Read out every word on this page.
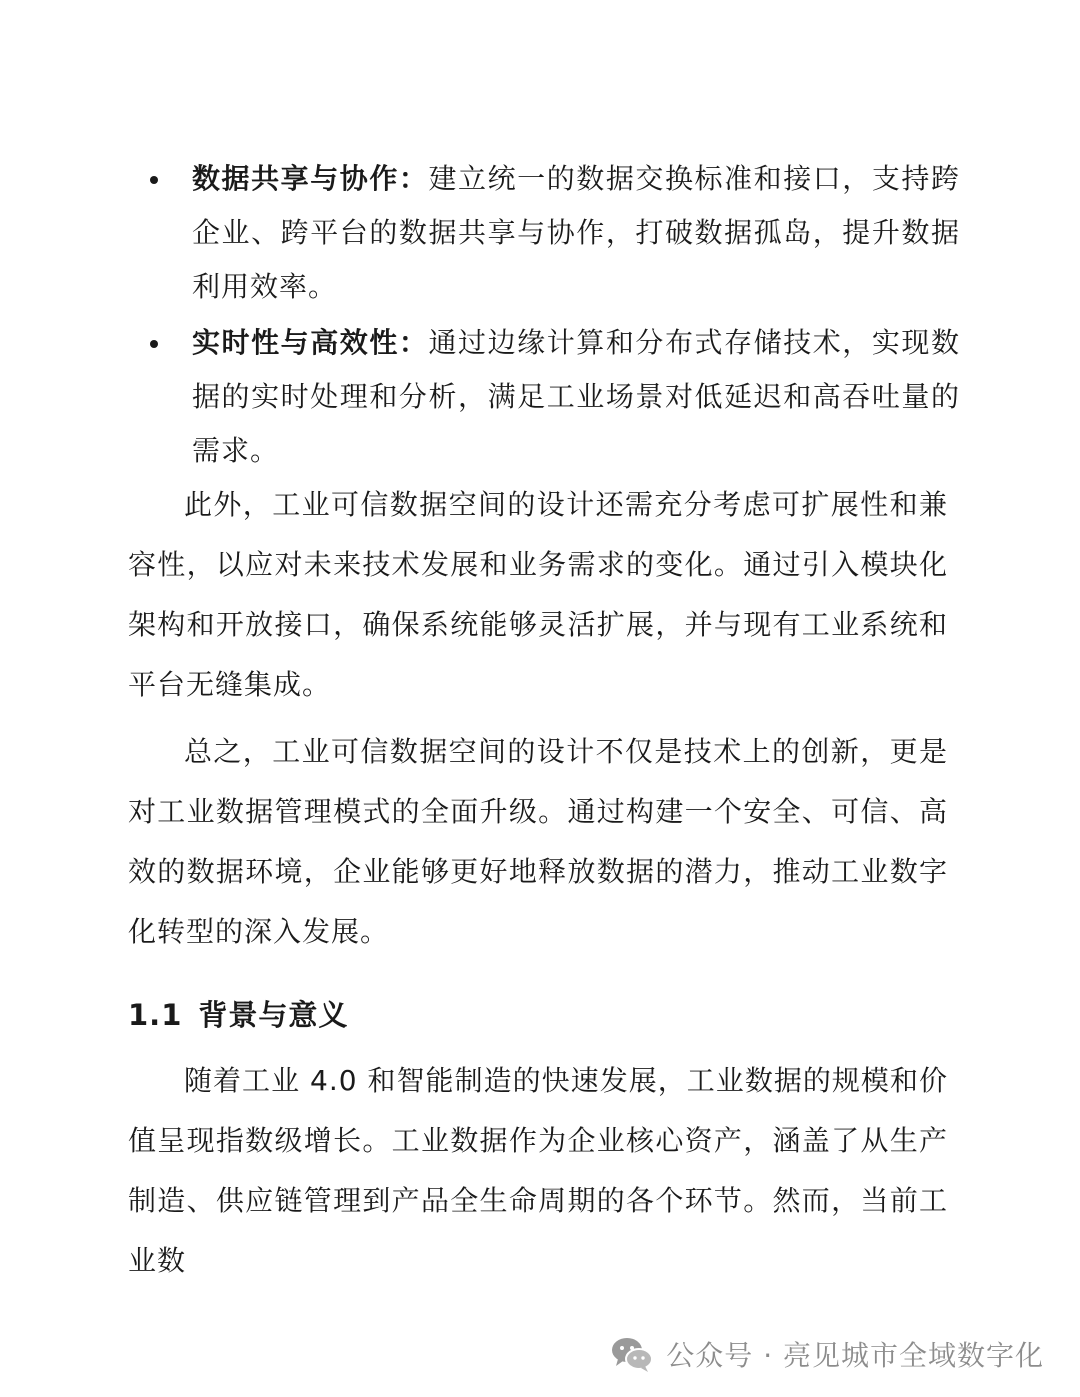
数据共享与协作：建立统一的数据交换标准和接口，支持跨企业、跨平台的数据共享与协作，打破数据孤岛，提升数据利用效率。
实时性与高效性：通过边缘计算和分布式存储技术，实现数据的实时处理和分析，满足工业场景对低延迟和高吞吐量的需求。

此外，工业可信数据空间的设计还需充分考虑可扩展性和兼容性，以应对未来技术发展和业务需求的变化。通过引入模块化架构和开放接口，确保系统能够灵活扩展，并与现有工业系统和平台无缝集成。

总之，工业可信数据空间的设计不仅是技术上的创新，更是对工业数据管理模式的全面升级。通过构建一个安全、可信、高效的数据环境，企业能够更好地释放数据的潜力，推动工业数字化转型的深入发展。

1.1 背景与意义

随着工业 4.0 和智能制造的快速发展，工业数据的规模和价值呈现指数级增长。工业数据作为企业核心资产，涵盖了从生产制造、供应链管理到产品全生命周期的各个环节。然而，当前工业数

公众号 · 亮见城市全域数字化
